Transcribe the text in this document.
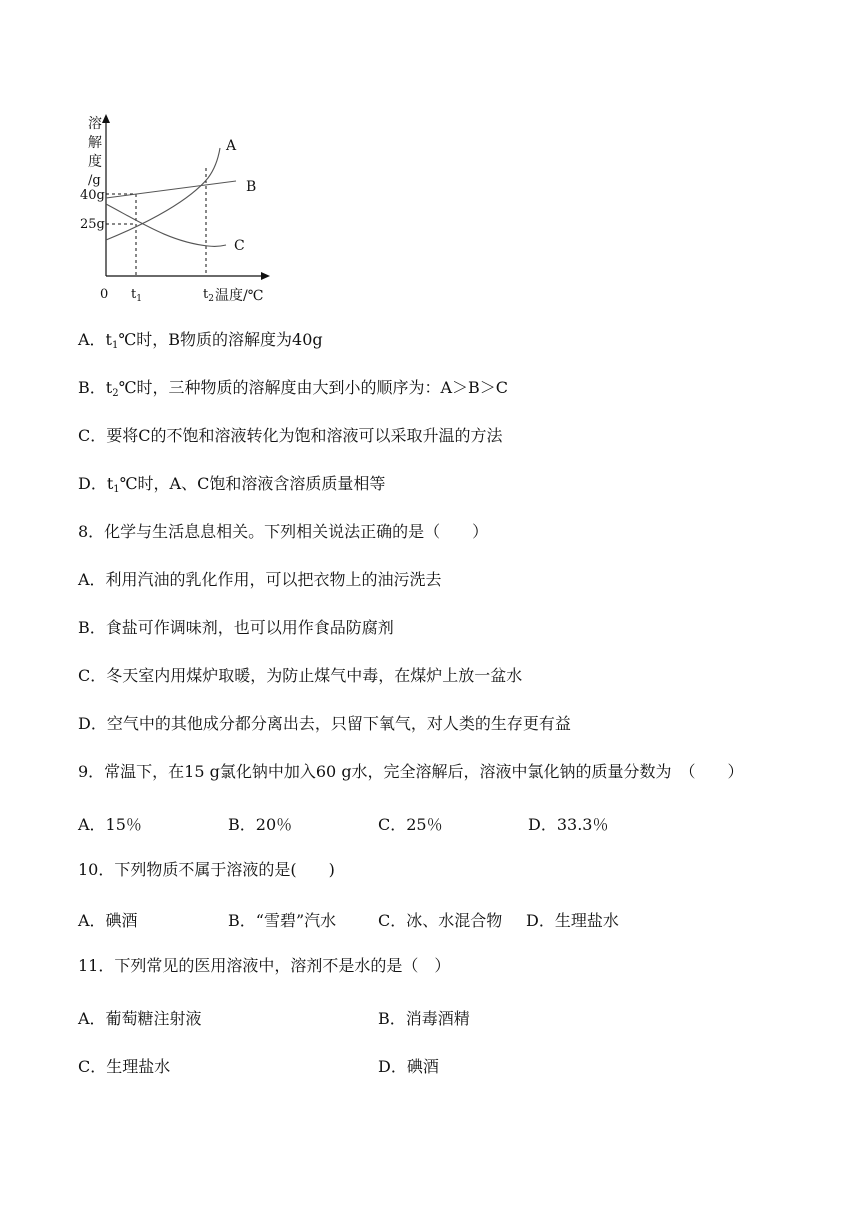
溶
解
度
/g
40g
25g
A
B
C
0 $t_1$	$t_2$ 温度/℃
A．$t_1℃$时，B物质的溶解度为40g
B．$t_2℃$时，三种物质的溶解度由大到小的顺序为：A＞B＞C
C．要将C的不饱和溶液转化为饱和溶液可以采取升温的方法
D．$t_1℃$时，A、C饱和溶液含溶质质量相等
8．化学与生活息息相关。下列相关说法正确的是（　　）
A．利用汽油的乳化作用，可以把衣物上的油污洗去
B．食盐可作调味剂，也可以用作食品防腐剂
C．冬天室内用煤炉取暖，为防止煤气中毒，在煤炉上放一盆水
D．空气中的其他成分都分离出去，只留下氧气，对人类的生存更有益
9．常温下，在15 g氯化钠中加入60 g水，完全溶解后，溶液中氯化钠的质量分数为　（　　）
A．15％	B．20％	C．25％	D．33.3％
10．下列物质不属于溶液的是(　　)
A．碘酒	B．“雪碧”汽水	C．冰、水混合物 D．生理盐水
11．下列常见的医用溶液中，溶剂不是水的是（　）
A．葡萄糖注射液	B．消毒酒精
C．生理盐水	D．碘酒
